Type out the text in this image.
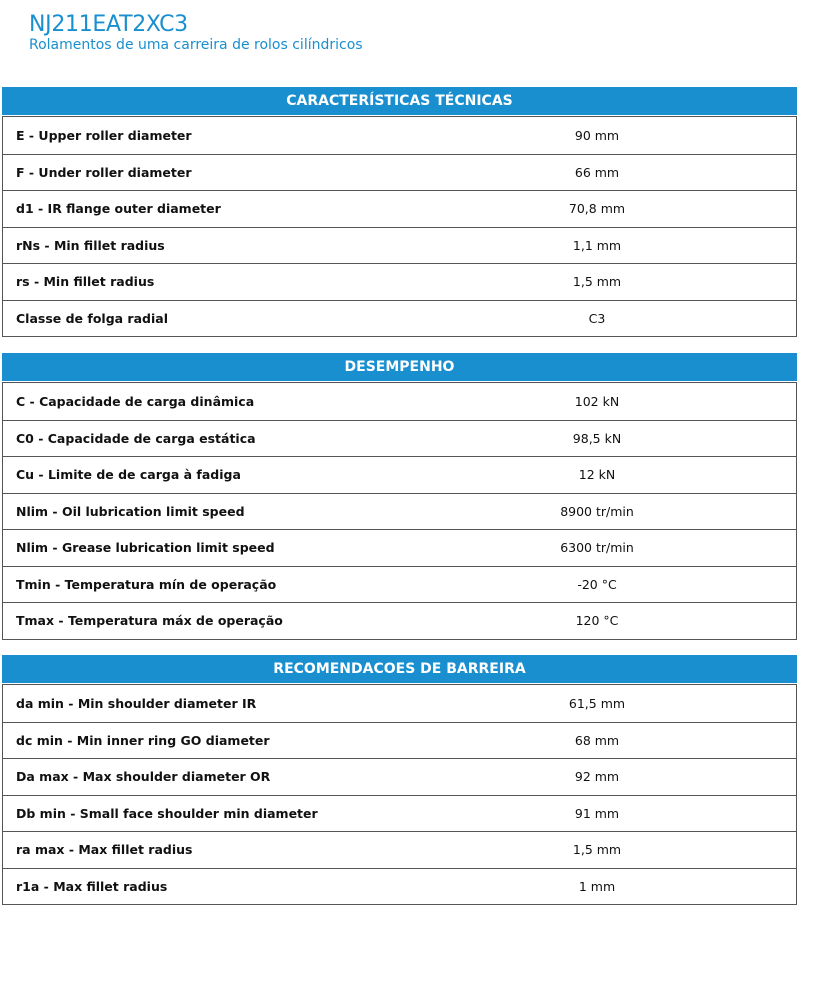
NJ211EAT2XC3
Rolamentos de uma carreira de rolos cilíndricos
CARACTERÍSTICAS TÉCNICAS
E - Upper roller diameter	90 mm
F - Under roller diameter	66 mm
d1 - IR flange outer diameter	70,8 mm
rNs - Min fillet radius	1,1 mm
rs - Min fillet radius	1,5 mm
Classe de folga radial	C3
DESEMPENHO
C - Capacidade de carga dinâmica	102 kN
C0 - Capacidade de carga estática	98,5 kN
Cu - Limite de de carga à fadiga	12 kN
Nlim - Oil lubrication limit speed	8900 tr/min
Nlim - Grease lubrication limit speed	6300 tr/min
Tmin - Temperatura mín de operação	-20 °C
Tmax - Temperatura máx de operação	120 °C
RECOMENDACOES DE BARREIRA
da min - Min shoulder diameter IR	61,5 mm
dc min - Min inner ring GO diameter	68 mm
Da max - Max shoulder diameter OR	92 mm
Db min - Small face shoulder min diameter	91 mm
ra max - Max fillet radius	1,5 mm
r1a - Max fillet radius	1 mm
